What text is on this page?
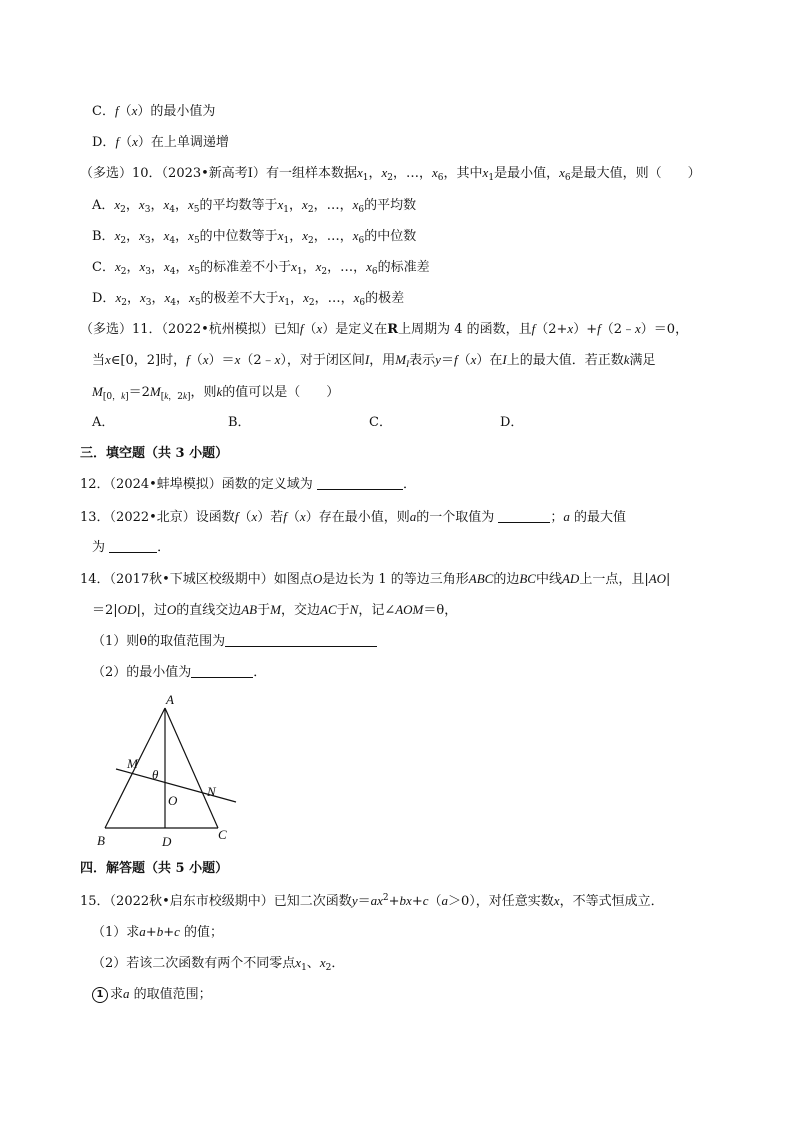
C．f（x）的最小值为
D．f（x）在上单调递增
（多选）10．（2023•新高考Ⅰ）有一组样本数据$x_1$，$x_2$，…，$x_6$，其中$x_1$是最小值，$x_6$是最大值，则（　　）
A．$x_2$，$x_3$，$x_4$，$x_5$的平均数等于$x_1$，$x_2$，…，$x_6$的平均数
B．$x_2$，$x_3$，$x_4$，$x_5$的中位数等于$x_1$，$x_2$，…，$x_6$的中位数
C．$x_2$，$x_3$，$x_4$，$x_5$的标准差不小于$x_1$，$x_2$，…，$x_6$的标准差
D．$x_2$，$x_3$，$x_4$，$x_5$的极差不大于$x_1$，$x_2$，…，$x_6$的极差
（多选）11．（2022•杭州模拟）已知f（x）是定义在R上周期为 4 的函数，且f（2+x）+f（2﹣x）＝0，
当x∈[0，2]时，f（x）＝x（2﹣x），对于闭区间I，用$M_I$表示y＝f（x）在I上的最大值．若正数k满足
$M_{[0,k]}=2M_{[k,2k]}$，则k的值可以是（　　）
A．	B．	C．	D．
三．填空题（共 3 小题）
12．（2024•蚌埠模拟）函数的定义域为	．
13．（2022•北京）设函数f（x）若f（x）存在最小值，则a的一个取值为	；a 的最大值
为	．
14．（2017秋•下城区校级期中）如图点O是边长为 1 的等边三角形ABC的边BC中线AD上一点，且|AO|
＝2|OD|，过O的直线交边AB于M，交边AC于N，记∠AOM＝θ，
（1）则θ的取值范围为
（2）的最小值为	．
A
B	C
D
M
N
O
θ
四．解答题（共 5 小题）
15．（2022秋•启东市校级期中）已知二次函数$y=ax^2+bx+c(a>0)$，对任意实数x，不等式恒成立．
（1）求a+b+c 的值；
（2）若该二次函数有两个不同零点$x_1$、$x_2$．
1 求a 的取值范围；
